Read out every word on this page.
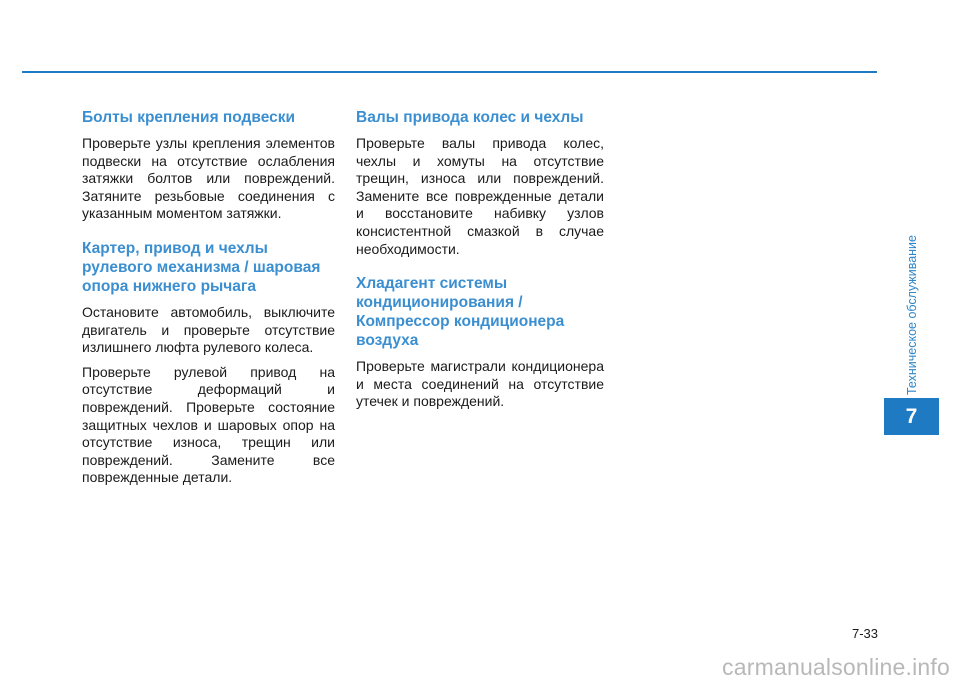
Болты крепления подвески

Проверьте узлы крепления элементов подвески на отсутствие ослабления затяжки болтов или повреждений. Затяните резьбовые соединения с указанным моментом затяжки.

Картер, привод и чехлы рулевого механизма / шаровая опора нижнего рычага

Остановите автомобиль, выключите двигатель и проверьте отсутствие излишнего люфта рулевого колеса.

Проверьте рулевой привод на отсутствие деформаций и повреждений. Проверьте состояние защитных чехлов и шаровых опор на отсутствие износа, трещин или повреждений. Замените все поврежденные детали.

Валы привода колес и чехлы

Проверьте валы привода колес, чехлы и хомуты на отсутствие трещин, износа или повреждений. Замените все поврежденные детали и восстановите набивку узлов консистентной смазкой в случае необходимости.

Хладагент системы кондиционирования / Компрессор кондиционера воздуха

Проверьте магистрали кондиционера и места соединений на отсутствие утечек и повреждений.

Техническое обслуживание
7
7-33
carmanualsonline.info
